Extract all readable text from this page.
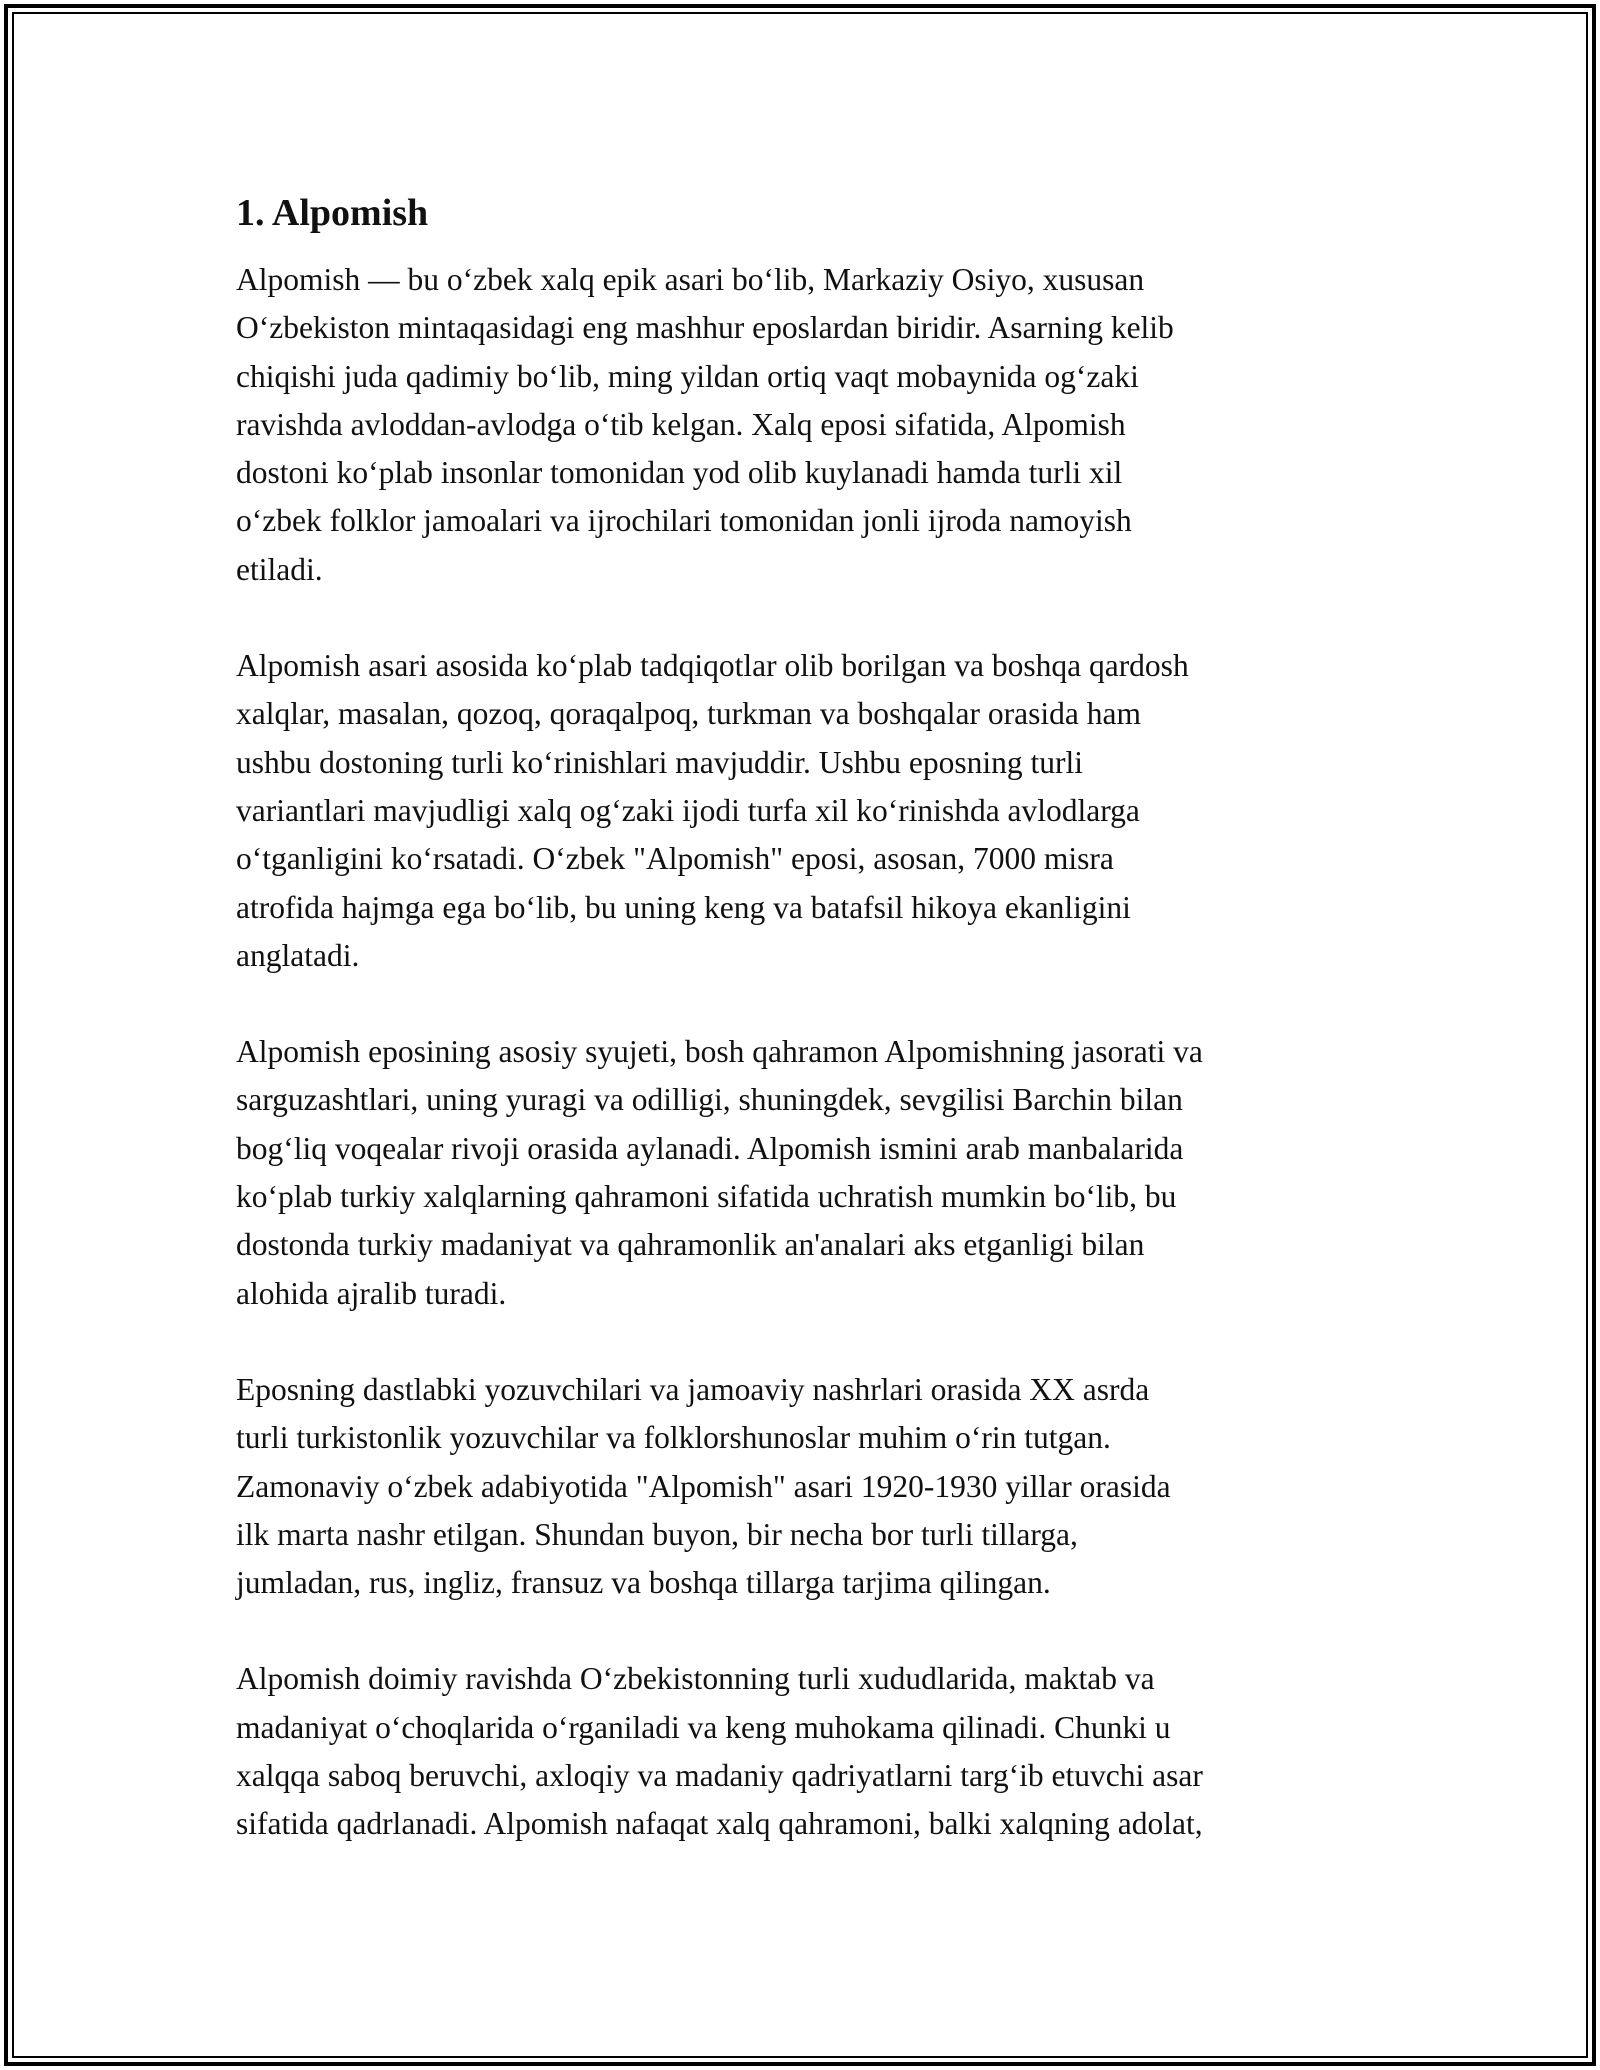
1. Alpomish

Alpomish — bu oʻzbek xalq epik asari boʻlib, Markaziy Osiyo, xususan
Oʻzbekiston mintaqasidagi eng mashhur eposlardan biridir. Asarning kelib
chiqishi juda qadimiy boʻlib, ming yildan ortiq vaqt mobaynida ogʻzaki
ravishda avloddan-avlodga oʻtib kelgan. Xalq eposi sifatida, Alpomish
dostoni koʻplab insonlar tomonidan yod olib kuylanadi hamda turli xil
oʻzbek folklor jamoalari va ijrochilari tomonidan jonli ijroda namoyish
etiladi.

Alpomish asari asosida koʻplab tadqiqotlar olib borilgan va boshqa qardosh
xalqlar, masalan, qozoq, qoraqalpoq, turkman va boshqalar orasida ham
ushbu dostoning turli koʻrinishlari mavjuddir. Ushbu eposning turli
variantlari mavjudligi xalq ogʻzaki ijodi turfa xil koʻrinishda avlodlarga
oʻtganligini koʻrsatadi. Oʻzbek "Alpomish" eposi, asosan, 7000 misra
atrofida hajmga ega boʻlib, bu uning keng va batafsil hikoya ekanligini
anglatadi.

Alpomish eposining asosiy syujeti, bosh qahramon Alpomishning jasorati va
sarguzashtlari, uning yuragi va odilligi, shuningdek, sevgilisi Barchin bilan
bogʻliq voqealar rivoji orasida aylanadi. Alpomish ismini arab manbalarida
koʻplab turkiy xalqlarning qahramoni sifatida uchratish mumkin boʻlib, bu
dostonda turkiy madaniyat va qahramonlik an'analari aks etganligi bilan
alohida ajralib turadi.

Eposning dastlabki yozuvchilari va jamoaviy nashrlari orasida XX asrda
turli turkistonlik yozuvchilar va folklorshunoslar muhim oʻrin tutgan.
Zamonaviy oʻzbek adabiyotida "Alpomish" asari 1920-1930 yillar orasida
ilk marta nashr etilgan. Shundan buyon, bir necha bor turli tillarga,
jumladan, rus, ingliz, fransuz va boshqa tillarga tarjima qilingan.

Alpomish doimiy ravishda Oʻzbekistonning turli xududlarida, maktab va
madaniyat oʻchoqlarida oʻrganiladi va keng muhokama qilinadi. Chunki u
xalqqa saboq beruvchi, axloqiy va madaniy qadriyatlarni targʻib etuvchi asar
sifatida qadrlanadi. Alpomish nafaqat xalq qahramoni, balki xalqning adolat,
